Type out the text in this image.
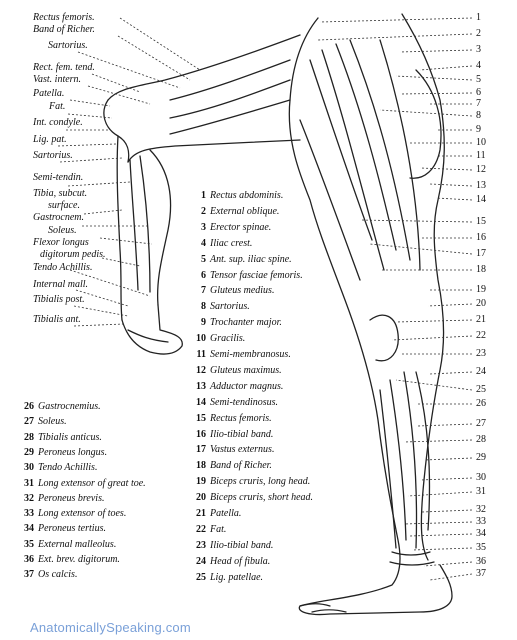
Rectus femoris.
Band of Richer.
Sartorius.
Rect. fem. tend.
Vast. intern.
Patella.
Fat.
Int. condyle.
Lig. pat.
Sartorius.
Semi-tendin.
Tibia, subcut.
surface.
Gastrocnem.
Soleus.
Flexor longus
digitorum pedis.
Tendo Achillis.
Internal mall.
Tibialis post.
Tibialis ant.
1
2
3
4
5
6
7
8
9
10
11
12
13
14
15
16
17
18
19
20
21
22
23
24
25
26
27
28
29
30
31
32
33
34
35
36
37
26 Gastrocnemius.
27 Soleus.
28 Tibialis anticus.
29 Peroneus longus.
30 Tendo Achillis.
31 Long extensor of great toe.
32 Peroneus brevis.
33 Long extensor of toes.
34 Peroneus tertius.
35 External malleolus.
36 Ext. brev. digitorum.
37 Os calcis.
1 Rectus abdominis.
2 External oblique.
3 Erector spinae.
4 Iliac crest.
5 Ant. sup. iliac spine.
6 Tensor fasciae femoris.
7 Gluteus medius.
8 Sartorius.
9 Trochanter major.
10 Gracilis.
11 Semi-membranosus.
12 Gluteus maximus.
13 Adductor magnus.
14 Semi-tendinosus.
15 Rectus femoris.
16 Ilio-tibial band.
17 Vastus externus.
18 Band of Richer.
19 Biceps cruris, long head.
20 Biceps cruris, short head.
21 Patella.
22 Fat.
23 Ilio-tibial band.
24 Head of fibula.
25 Lig. patellae.
AnatomicallySpeaking.com
